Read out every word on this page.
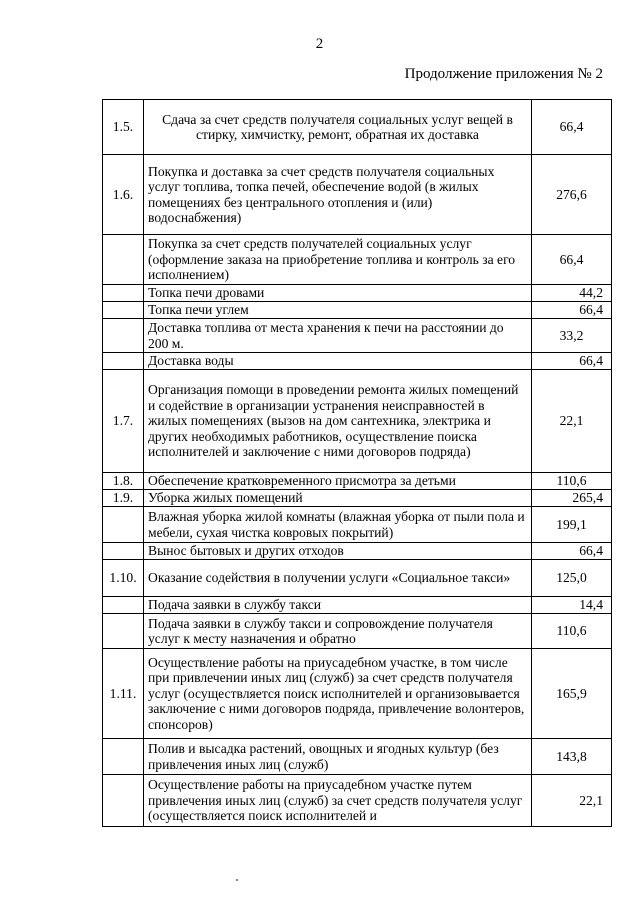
2
Продолжение приложения № 2
1.5.	Сдача за счет средств получателя социальных услуг вещей в стирку, химчистку, ремонт, обратная их доставка	66,4
1.6.	Покупка и доставка за счет средств получателя социальных услуг топлива, топка печей, обеспечение водой (в жилых помещениях без центрального отопления и (или) водоснабжения)	276,6
	Покупка за счет средств получателей социальных услуг (оформление заказа на приобретение топлива и контроль за его исполнением)	66,4
	Топка печи дровами	44,2
	Топка печи углем	66,4
	Доставка топлива от места хранения к печи на расстоянии до 200 м.	33,2
	Доставка воды	66,4
1.7.	Организация помощи в проведении ремонта жилых помещений и содействие в организации устранения неисправностей в жилых помещениях (вызов на дом сантехника, электрика и других необходимых работников, осуществление поиска исполнителей и заключение с ними договоров подряда)	22,1
1.8.	Обеспечение кратковременного присмотра за детьми	110,6
1.9.	Уборка жилых помещений	265,4
	Влажная уборка жилой комнаты (влажная уборка от пыли пола и мебели, сухая чистка ковровых покрытий)	199,1
	Вынос бытовых и других отходов	66,4
1.10.	Оказание содействия в получении услуги «Социальное такси»	125,0
	Подача заявки в службу такси	14,4
	Подача заявки в службу такси и сопровождение получателя услуг к месту назначения и обратно	110,6
1.11.	Осуществление работы на приусадебном участке, в том числе при привлечении иных лиц (служб) за счет средств получателя услуг (осуществляется поиск исполнителей и организовывается заключение с ними договоров подряда, привлечение волонтеров, спонсоров)	165,9
	Полив и высадка растений, овощных и ягодных культур (без привлечения иных лиц (служб)	143,8
	Осуществление работы на приусадебном участке путем привлечения иных лиц (служб) за счет средств получателя услуг (осуществляется поиск исполнителей и	22,1
